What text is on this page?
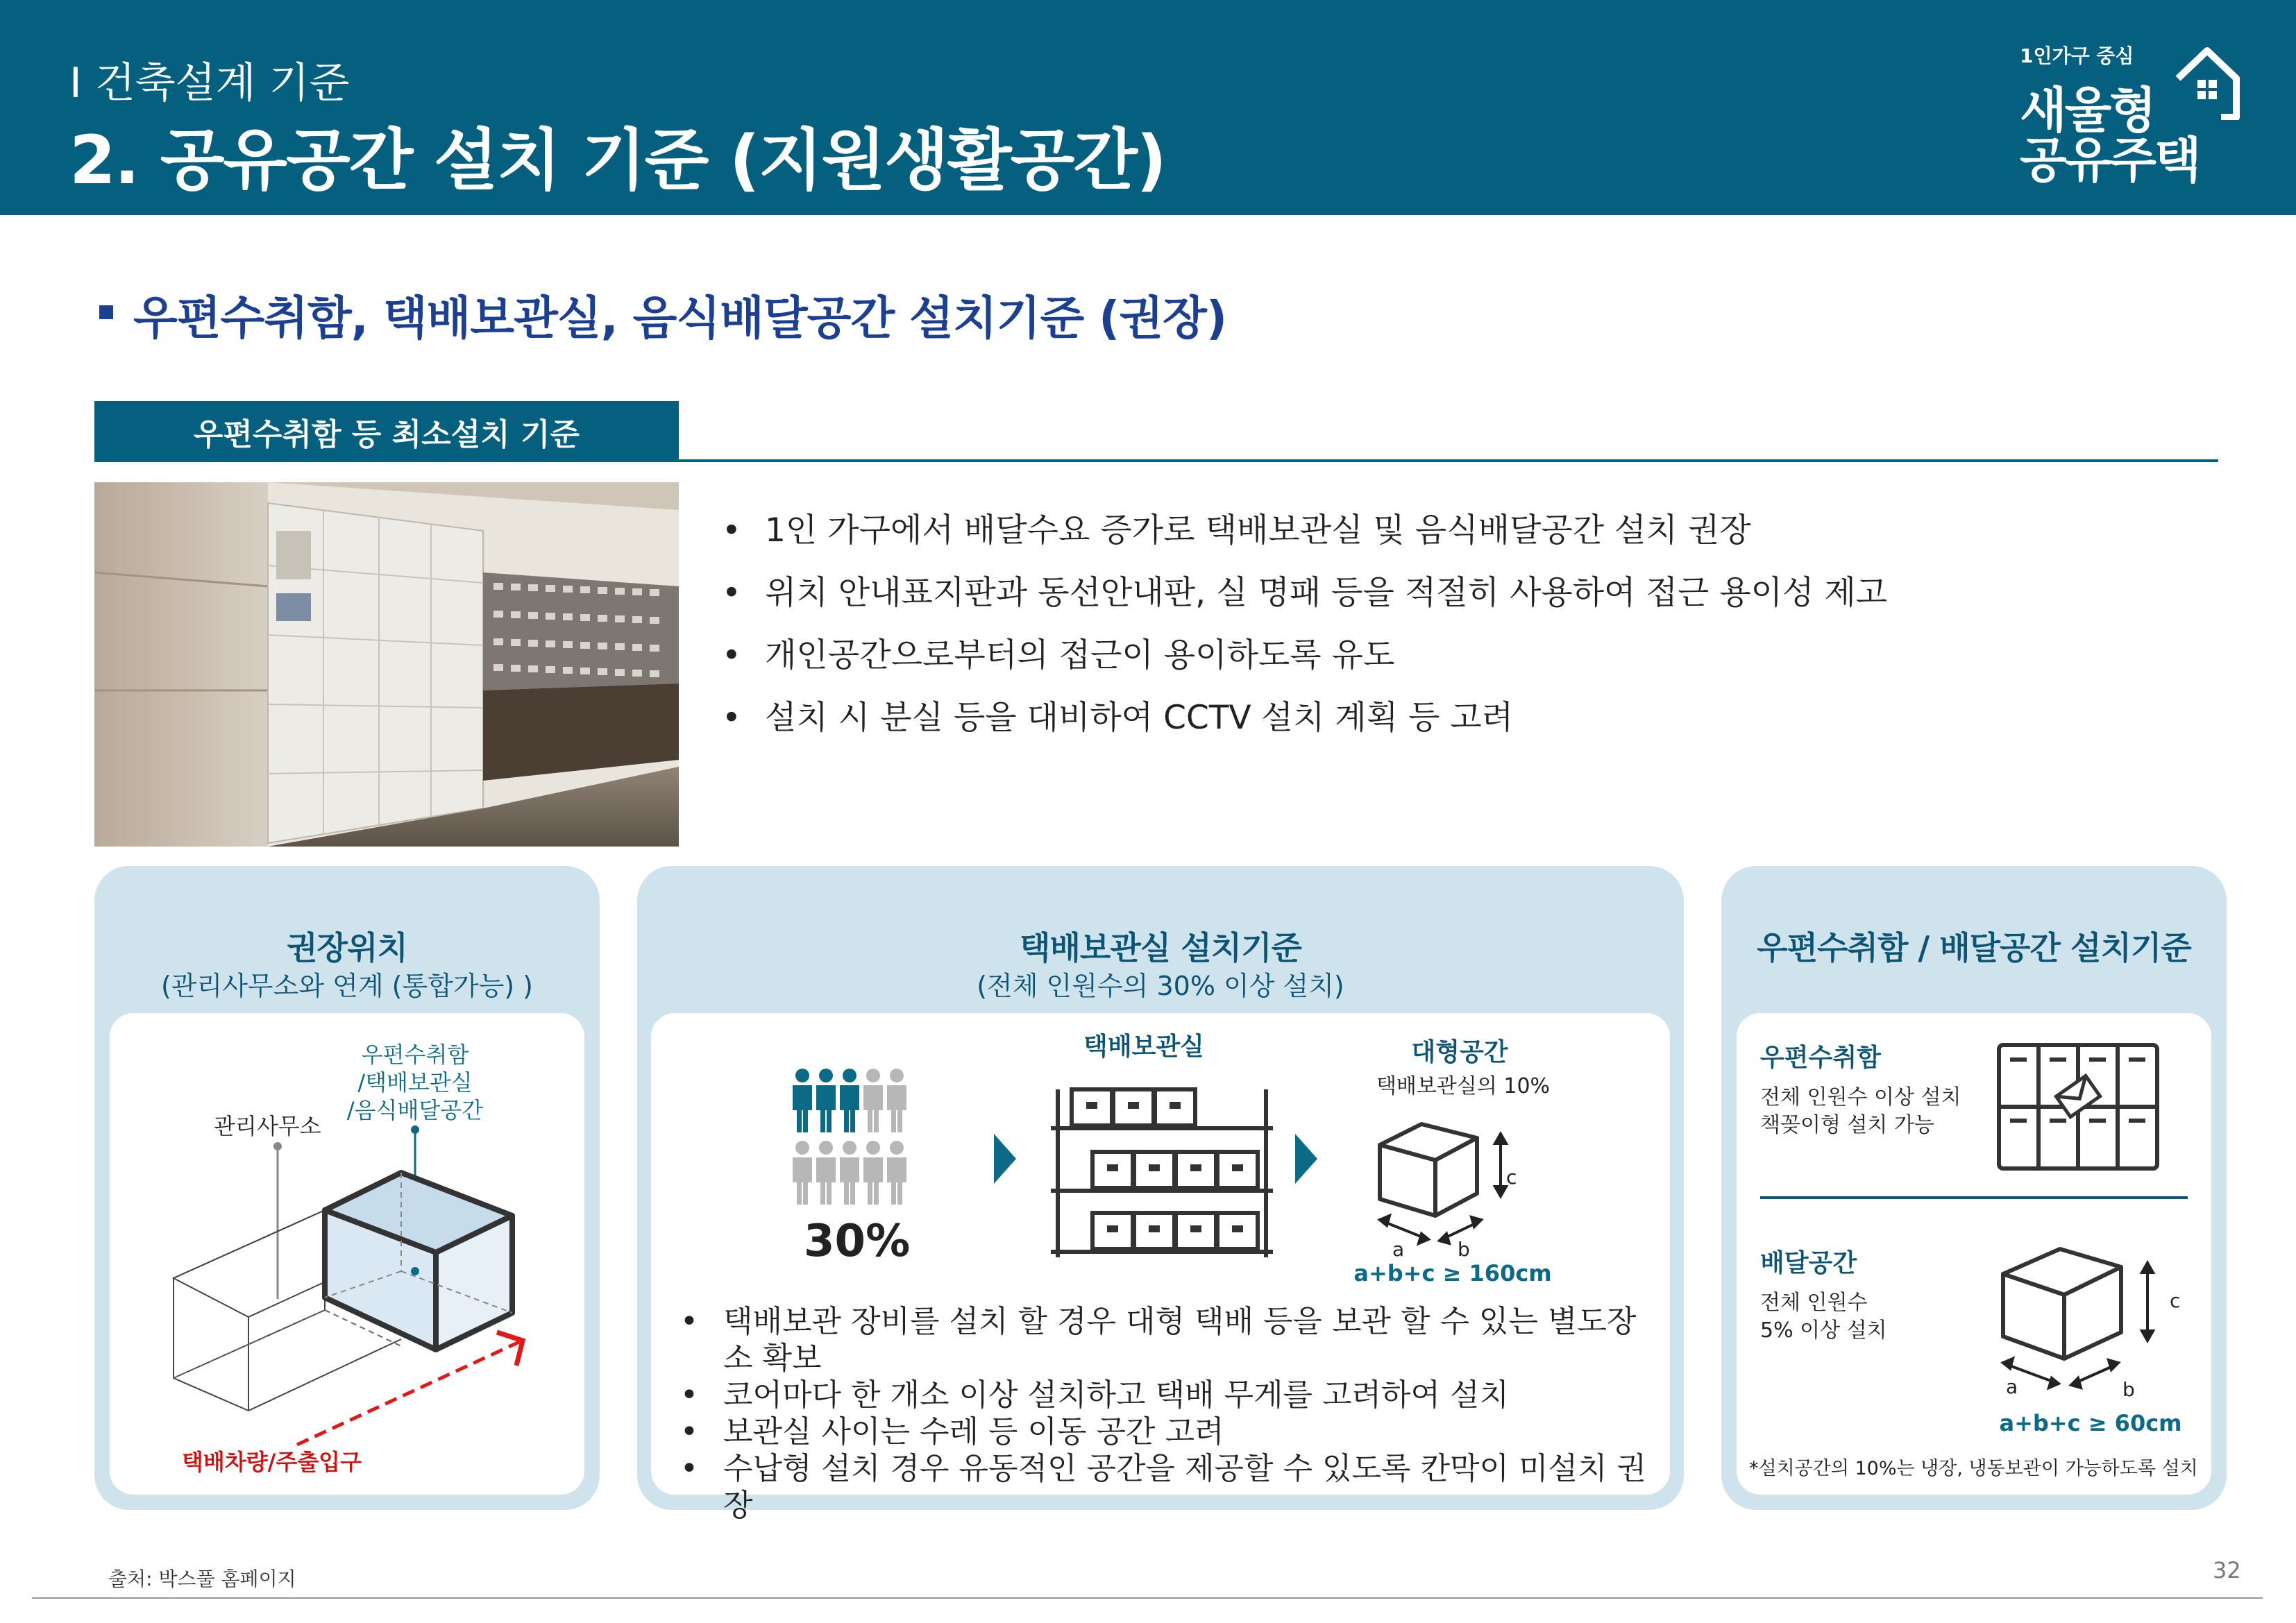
I 건축설계 기준
2. 공유공간 설치 기준 (지원생활공간)
1인가구 중심
새울형
공유주택
우편수취함, 택배보관실, 음식배달공간 설치기준 (권장)
우편수취함 등 최소설치 기준
• 1인 가구에서 배달수요 증가로 택배보관실 및 음식배달공간 설치 권장
• 위치 안내표지판과 동선안내판, 실 명패 등을 적절히 사용하여 접근 용이성 제고
• 개인공간으로부터의 접근이 용이하도록 유도
• 설치 시 분실 등을 대비하여 CCTV 설치 계획 등 고려
권장위치
(관리사무소와 연계 (통합가능) )
우편수취함
/택배보관실
/음식배달공간
관리사무소
택배차량/주출입구
택배보관실 설치기준
(전체 인원수의 30% 이상 설치)
30%
택배보관실	대형공간
택배보관실의 10%
c
a	b
a+b+c ≥ 160cm
• 택배보관 장비를 설치 할 경우 대형 택배 등을 보관 할 수 있는 별도장소 확보
• 코어마다 한 개소 이상 설치하고 택배 무게를 고려하여 설치
• 보관실 사이는 수레 등 이동 공간 고려
• 수납형 설치 경우 유동적인 공간을 제공할 수 있도록 칸막이 미설치 권장
우편수취함 / 배달공간 설치기준
우편수취함
전체 인원수 이상 설치
책꽂이형 설치 가능
배달공간
전체 인원수
5% 이상 설치
c
a	b
a+b+c ≥ 60cm
*설치공간의 10%는 냉장, 냉동보관이 가능하도록 설치
출처: 박스풀 홈페이지	32
